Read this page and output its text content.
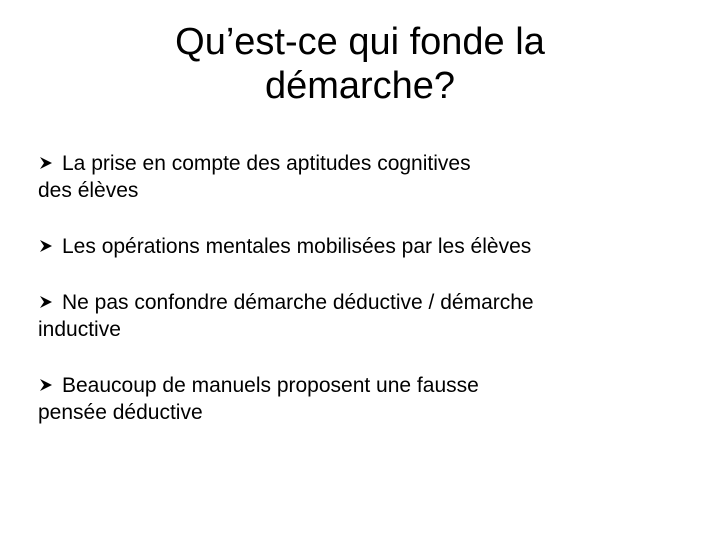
Qu’est-ce qui fonde la
démarche?
La prise en compte des aptitudes cognitives
des élèves
Les opérations mentales mobilisées par les élèves
Ne pas confondre démarche déductive / démarche
inductive
Beaucoup de manuels proposent une fausse
pensée déductive
